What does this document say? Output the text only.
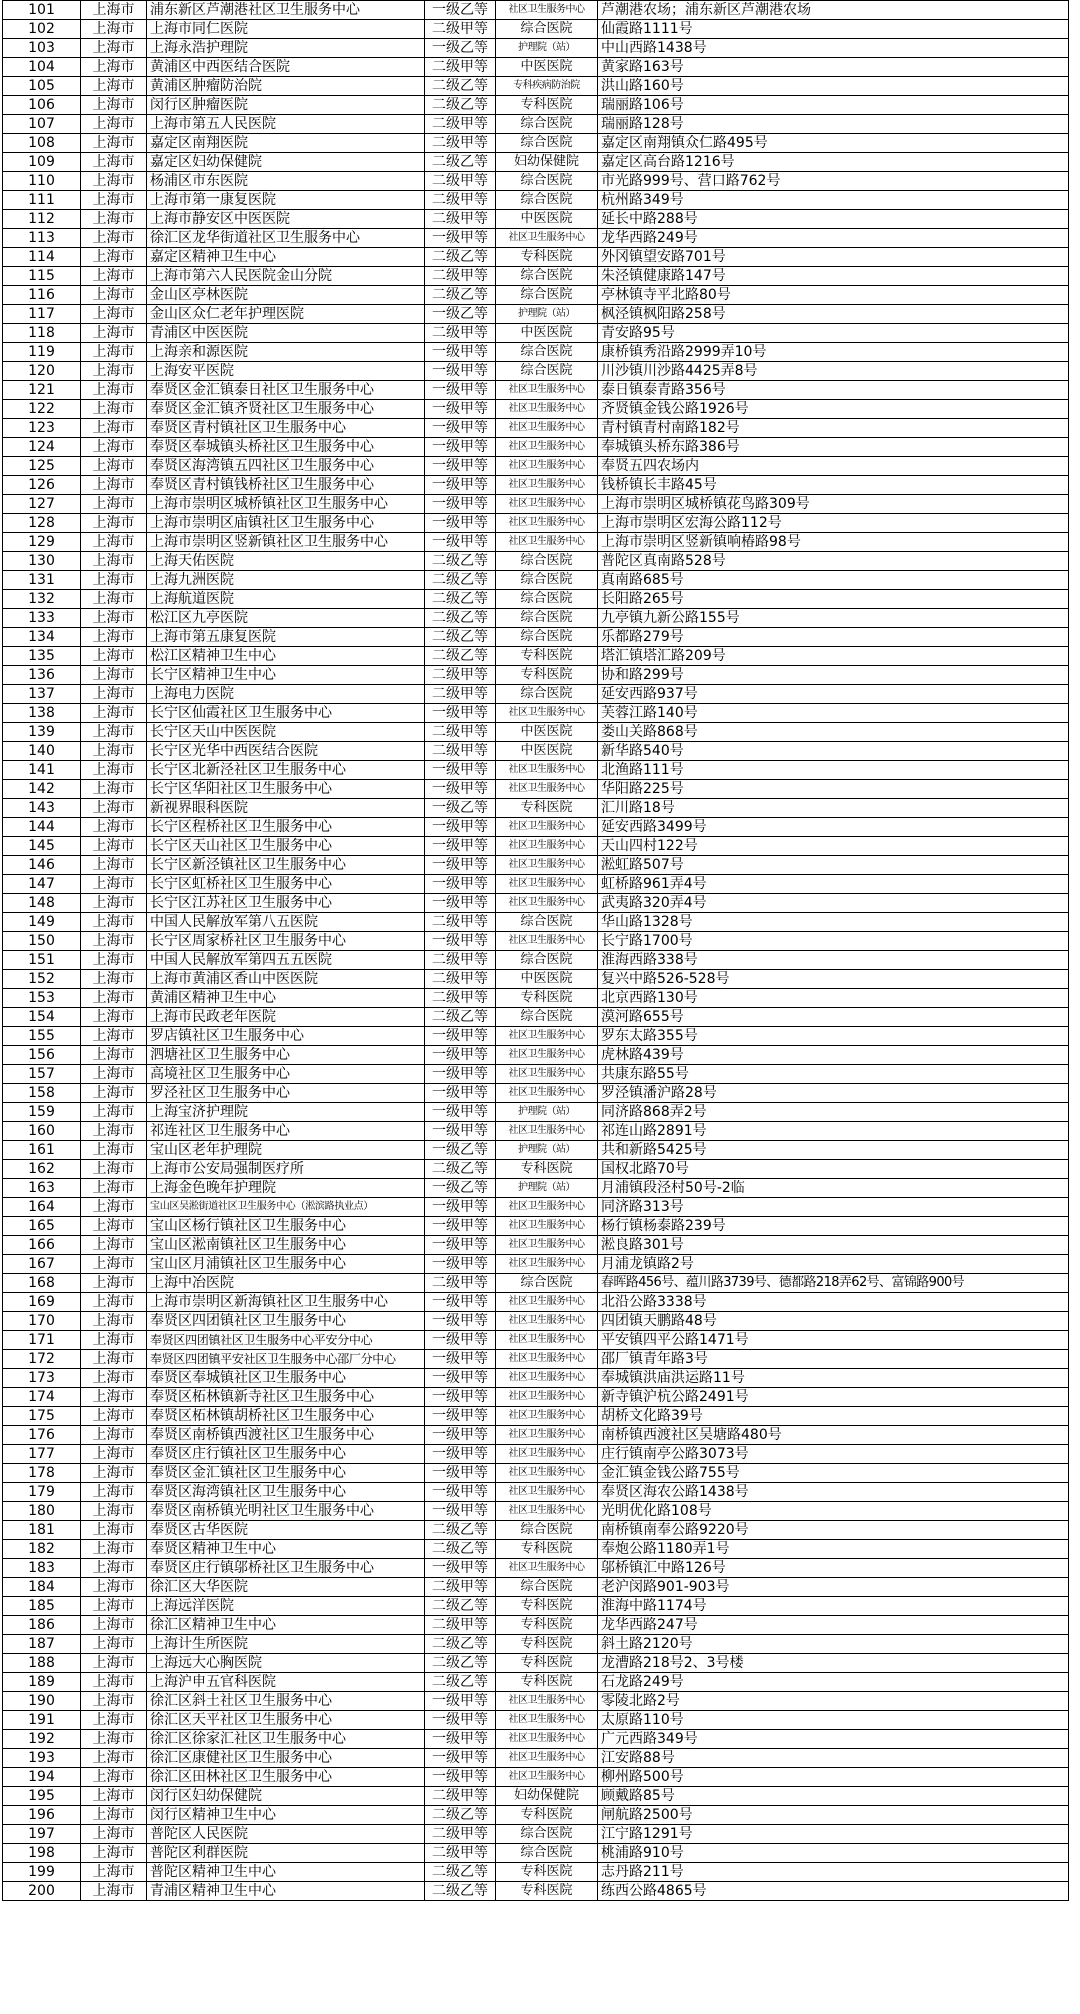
101	上海市	浦东新区芦潮港社区卫生服务中心	一级乙等	社区卫生服务中心	芦潮港农场；浦东新区芦潮港农场
102	上海市	上海市同仁医院	二级甲等	综合医院	仙霞路1111号
103	上海市	上海永浩护理院	一级乙等	护理院（站）	中山西路1438号
104	上海市	黄浦区中西医结合医院	二级甲等	中医医院	黄家路163号
105	上海市	黄浦区肿瘤防治院	二级乙等	专科疾病防治院	洪山路160号
106	上海市	闵行区肿瘤医院	二级乙等	专科医院	瑞丽路106号
107	上海市	上海市第五人民医院	二级甲等	综合医院	瑞丽路128号
108	上海市	嘉定区南翔医院	二级甲等	综合医院	嘉定区南翔镇众仁路495号
109	上海市	嘉定区妇幼保健院	二级乙等	妇幼保健院	嘉定区高台路1216号
110	上海市	杨浦区市东医院	二级甲等	综合医院	市光路999号、营口路762号
111	上海市	上海市第一康复医院	二级甲等	综合医院	杭州路349号
112	上海市	上海市静安区中医医院	二级甲等	中医医院	延长中路288号
113	上海市	徐汇区龙华街道社区卫生服务中心	一级甲等	社区卫生服务中心	龙华西路249号
114	上海市	嘉定区精神卫生中心	二级乙等	专科医院	外冈镇望安路701号
115	上海市	上海市第六人民医院金山分院	二级甲等	综合医院	朱泾镇健康路147号
116	上海市	金山区亭林医院	二级乙等	综合医院	亭林镇寺平北路80号
117	上海市	金山区众仁老年护理医院	一级乙等	护理院（站）	枫泾镇枫阳路258号
118	上海市	青浦区中医医院	二级甲等	中医医院	青安路95号
119	上海市	上海亲和源医院	一级甲等	综合医院	康桥镇秀沿路2999弄10号
120	上海市	上海安平医院	一级甲等	综合医院	川沙镇川沙路4425弄8号
121	上海市	奉贤区金汇镇泰日社区卫生服务中心	一级甲等	社区卫生服务中心	泰日镇泰青路356号
122	上海市	奉贤区金汇镇齐贤社区卫生服务中心	一级甲等	社区卫生服务中心	齐贤镇金钱公路1926号
123	上海市	奉贤区青村镇社区卫生服务中心	一级甲等	社区卫生服务中心	青村镇青村南路182号
124	上海市	奉贤区奉城镇头桥社区卫生服务中心	一级甲等	社区卫生服务中心	奉城镇头桥东路386号
125	上海市	奉贤区海湾镇五四社区卫生服务中心	一级甲等	社区卫生服务中心	奉贤五四农场内
126	上海市	奉贤区青村镇钱桥社区卫生服务中心	一级甲等	社区卫生服务中心	钱桥镇长丰路45号
127	上海市	上海市崇明区城桥镇社区卫生服务中心	一级甲等	社区卫生服务中心	上海市崇明区城桥镇花鸟路309号
128	上海市	上海市崇明区庙镇社区卫生服务中心	一级甲等	社区卫生服务中心	上海市崇明区宏海公路112号
129	上海市	上海市崇明区竖新镇社区卫生服务中心	一级甲等	社区卫生服务中心	上海市崇明区竖新镇响椿路98号
130	上海市	上海天佑医院	二级乙等	综合医院	普陀区真南路528号
131	上海市	上海九洲医院	二级乙等	综合医院	真南路685号
132	上海市	上海航道医院	二级乙等	综合医院	长阳路265号
133	上海市	松江区九亭医院	二级乙等	综合医院	九亭镇九新公路155号
134	上海市	上海市第五康复医院	二级乙等	综合医院	乐都路279号
135	上海市	松江区精神卫生中心	二级乙等	专科医院	塔汇镇塔汇路209号
136	上海市	长宁区精神卫生中心	二级甲等	专科医院	协和路299号
137	上海市	上海电力医院	二级甲等	综合医院	延安西路937号
138	上海市	长宁区仙霞社区卫生服务中心	一级甲等	社区卫生服务中心	芙蓉江路140号
139	上海市	长宁区天山中医医院	二级甲等	中医医院	娄山关路868号
140	上海市	长宁区光华中西医结合医院	二级甲等	中医医院	新华路540号
141	上海市	长宁区北新泾社区卫生服务中心	一级甲等	社区卫生服务中心	北渔路111号
142	上海市	长宁区华阳社区卫生服务中心	一级甲等	社区卫生服务中心	华阳路225号
143	上海市	新视界眼科医院	一级乙等	专科医院	汇川路18号
144	上海市	长宁区程桥社区卫生服务中心	一级甲等	社区卫生服务中心	延安西路3499号
145	上海市	长宁区天山社区卫生服务中心	一级甲等	社区卫生服务中心	天山四村122号
146	上海市	长宁区新泾镇社区卫生服务中心	一级甲等	社区卫生服务中心	淞虹路507号
147	上海市	长宁区虹桥社区卫生服务中心	一级甲等	社区卫生服务中心	虹桥路961弄4号
148	上海市	长宁区江苏社区卫生服务中心	一级甲等	社区卫生服务中心	武夷路320弄4号
149	上海市	中国人民解放军第八五医院	二级甲等	综合医院	华山路1328号
150	上海市	长宁区周家桥社区卫生服务中心	一级甲等	社区卫生服务中心	长宁路1700号
151	上海市	中国人民解放军第四五五医院	二级甲等	综合医院	淮海西路338号
152	上海市	上海市黄浦区香山中医医院	二级甲等	中医医院	复兴中路526-528号
153	上海市	黄浦区精神卫生中心	二级甲等	专科医院	北京西路130号
154	上海市	上海市民政老年医院	二级乙等	综合医院	漠河路655号
155	上海市	罗店镇社区卫生服务中心	一级甲等	社区卫生服务中心	罗东太路355号
156	上海市	泗塘社区卫生服务中心	一级甲等	社区卫生服务中心	虎林路439号
157	上海市	高境社区卫生服务中心	一级甲等	社区卫生服务中心	共康东路55号
158	上海市	罗泾社区卫生服务中心	一级甲等	社区卫生服务中心	罗泾镇潘沪路28号
159	上海市	上海宝济护理院	一级甲等	护理院（站）	同济路868弄2号
160	上海市	祁连社区卫生服务中心	一级甲等	社区卫生服务中心	祁连山路2891号
161	上海市	宝山区老年护理院	一级乙等	护理院（站）	共和新路5425号
162	上海市	上海市公安局强制医疗所	二级乙等	专科医院	国权北路70号
163	上海市	上海金色晚年护理院	一级乙等	护理院（站）	月浦镇段泾村50号-2临
164	上海市	宝山区吴淞街道社区卫生服务中心（淞滨路执业点）	一级甲等	社区卫生服务中心	同济路313号
165	上海市	宝山区杨行镇社区卫生服务中心	一级甲等	社区卫生服务中心	杨行镇杨泰路239号
166	上海市	宝山区淞南镇社区卫生服务中心	一级甲等	社区卫生服务中心	淞良路301号
167	上海市	宝山区月浦镇社区卫生服务中心	一级甲等	社区卫生服务中心	月浦龙镇路2号
168	上海市	上海中冶医院	二级甲等	综合医院	春晖路456号、蕴川路3739号、德都路218弄62号、富锦路900号
169	上海市	上海市崇明区新海镇社区卫生服务中心	一级甲等	社区卫生服务中心	北沿公路3338号
170	上海市	奉贤区四团镇社区卫生服务中心	一级甲等	社区卫生服务中心	四团镇天鹏路48号
171	上海市	奉贤区四团镇社区卫生服务中心平安分中心	一级甲等	社区卫生服务中心	平安镇四平公路1471号
172	上海市	奉贤区四团镇平安社区卫生服务中心邵厂分中心	一级甲等	社区卫生服务中心	邵厂镇青年路3号
173	上海市	奉贤区奉城镇社区卫生服务中心	一级甲等	社区卫生服务中心	奉城镇洪庙洪运路11号
174	上海市	奉贤区柘林镇新寺社区卫生服务中心	一级甲等	社区卫生服务中心	新寺镇沪杭公路2491号
175	上海市	奉贤区柘林镇胡桥社区卫生服务中心	一级甲等	社区卫生服务中心	胡桥文化路39号
176	上海市	奉贤区南桥镇西渡社区卫生服务中心	一级甲等	社区卫生服务中心	南桥镇西渡社区吴塘路480号
177	上海市	奉贤区庄行镇社区卫生服务中心	一级甲等	社区卫生服务中心	庄行镇南亭公路3073号
178	上海市	奉贤区金汇镇社区卫生服务中心	一级甲等	社区卫生服务中心	金汇镇金钱公路755号
179	上海市	奉贤区海湾镇社区卫生服务中心	一级甲等	社区卫生服务中心	奉贤区海农公路1438号
180	上海市	奉贤区南桥镇光明社区卫生服务中心	一级甲等	社区卫生服务中心	光明优化路108号
181	上海市	奉贤区古华医院	二级乙等	综合医院	南桥镇南奉公路9220号
182	上海市	奉贤区精神卫生中心	二级乙等	专科医院	奉炮公路1180弄1号
183	上海市	奉贤区庄行镇邬桥社区卫生服务中心	一级甲等	社区卫生服务中心	邬桥镇汇中路126号
184	上海市	徐汇区大华医院	二级甲等	综合医院	老沪闵路901-903号
185	上海市	上海远洋医院	二级乙等	专科医院	淮海中路1174号
186	上海市	徐汇区精神卫生中心	二级甲等	专科医院	龙华西路247号
187	上海市	上海计生所医院	二级乙等	专科医院	斜土路2120号
188	上海市	上海远大心胸医院	二级乙等	专科医院	龙漕路218号2、3号楼
189	上海市	上海沪申五官科医院	二级乙等	专科医院	石龙路249号
190	上海市	徐汇区斜土社区卫生服务中心	一级甲等	社区卫生服务中心	零陵北路2号
191	上海市	徐汇区天平社区卫生服务中心	一级甲等	社区卫生服务中心	太原路110号
192	上海市	徐汇区徐家汇社区卫生服务中心	一级甲等	社区卫生服务中心	广元西路349号
193	上海市	徐汇区康健社区卫生服务中心	一级甲等	社区卫生服务中心	江安路88号
194	上海市	徐汇区田林社区卫生服务中心	一级甲等	社区卫生服务中心	柳州路500号
195	上海市	闵行区妇幼保健院	二级甲等	妇幼保健院	顾戴路85号
196	上海市	闵行区精神卫生中心	二级乙等	专科医院	闸航路2500号
197	上海市	普陀区人民医院	二级甲等	综合医院	江宁路1291号
198	上海市	普陀区利群医院	二级甲等	综合医院	桃浦路910号
199	上海市	普陀区精神卫生中心	二级乙等	专科医院	志丹路211号
200	上海市	青浦区精神卫生中心	二级乙等	专科医院	练西公路4865号
